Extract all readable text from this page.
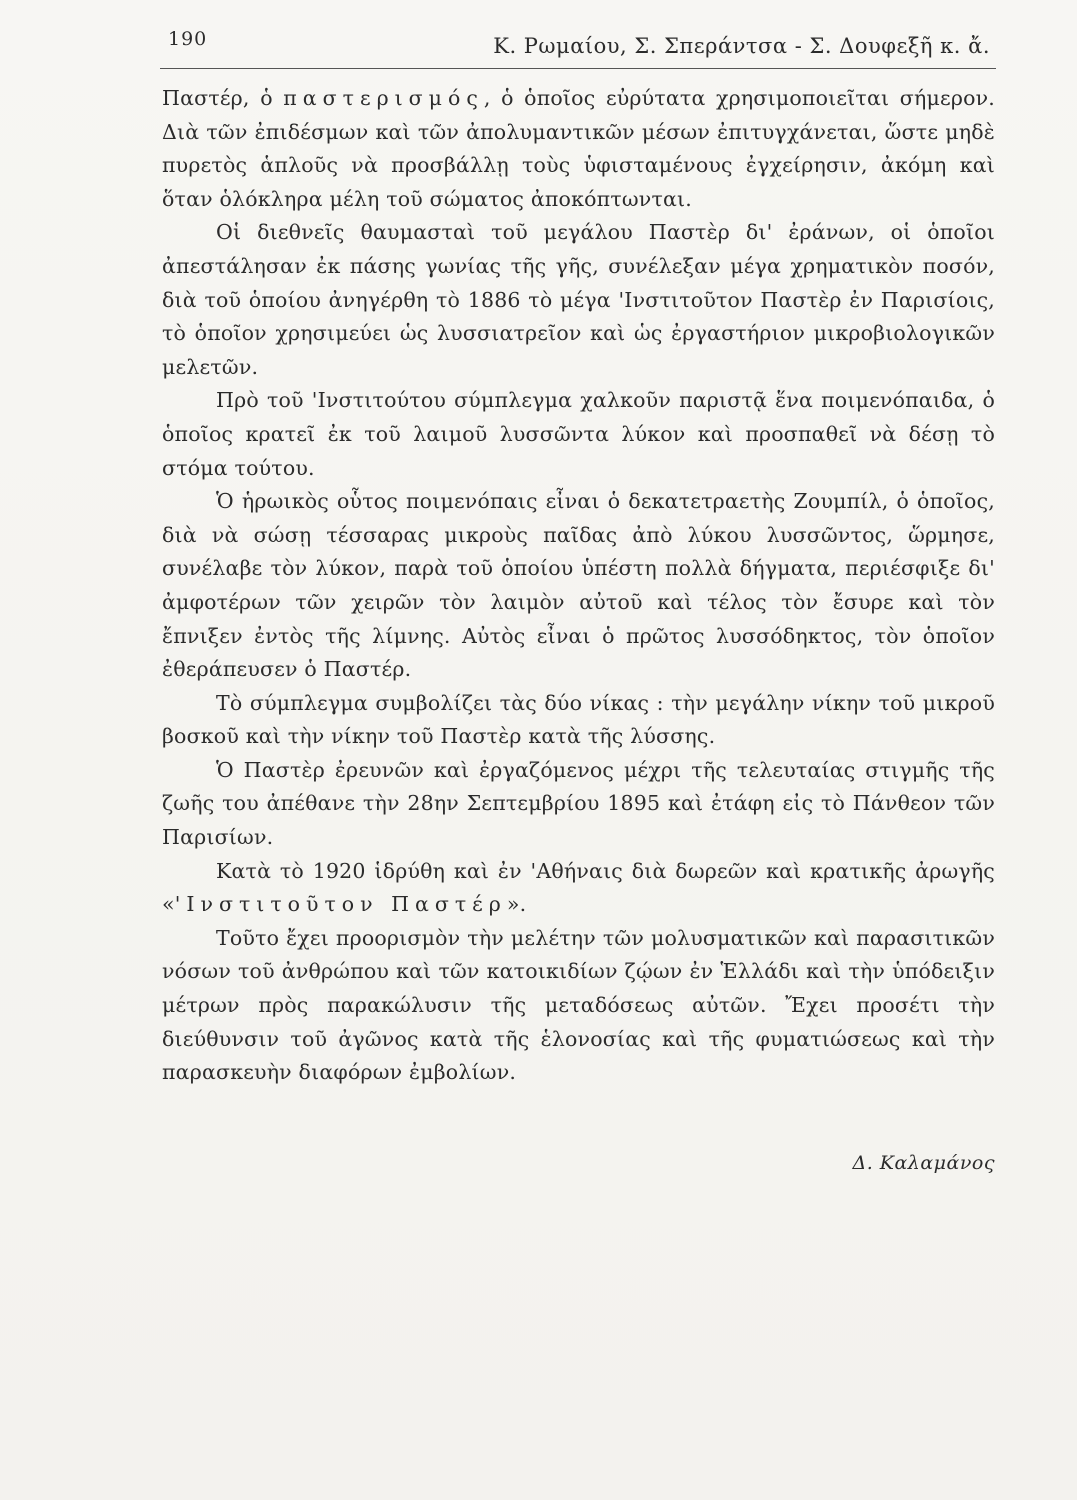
190	Κ. Ρωμαίου, Σ. Σπεράντσα - Σ. Δουφεξῆ κ. ἄ.

Παστέρ, ὁ παστερισμός, ὁ ὁποῖος εὐρύτατα χρησιμοποιεῖται σήμερον. Διὰ τῶν ἐπιδέσμων καὶ τῶν ἀπολυμαντικῶν μέσων ἐπιτυγχάνεται, ὥστε μηδὲ πυρετὸς ἁπλοῦς νὰ προσβάλλῃ τοὺς ὑφισταμένους ἐγχείρησιν, ἀκόμη καὶ ὅταν ὁλόκληρα μέλη τοῦ σώματος ἀποκόπτωνται.

Οἱ διεθνεῖς θαυμασταὶ τοῦ μεγάλου Παστὲρ δι' ἐράνων, οἱ ὁποῖοι ἀπεστάλησαν ἐκ πάσης γωνίας τῆς γῆς, συνέλεξαν μέγα χρηματικὸν ποσόν, διὰ τοῦ ὁποίου ἀνηγέρθη τὸ 1886 τὸ μέγα 'Ινστιτοῦτον Παστὲρ ἐν Παρισίοις, τὸ ὁποῖον χρησιμεύει ὡς λυσσιατρεῖον καὶ ὡς ἐργαστήριον μικροβιολογικῶν μελετῶν.

Πρὸ τοῦ 'Ινστιτούτου σύμπλεγμα χαλκοῦν παριστᾷ ἕνα ποιμενόπαιδα, ὁ ὁποῖος κρατεῖ ἐκ τοῦ λαιμοῦ λυσσῶντα λύκον καὶ προσπαθεῖ νὰ δέσῃ τὸ στόμα τούτου.

Ὁ ἡρωικὸς οὗτος ποιμενόπαις εἶναι ὁ δεκατετραετὴς Ζουμπίλ, ὁ ὁποῖος, διὰ νὰ σώσῃ τέσσαρας μικροὺς παῖδας ἀπὸ λύκου λυσσῶντος, ὥρμησε, συνέλαβε τὸν λύκον, παρὰ τοῦ ὁποίου ὑπέστη πολλὰ δήγματα, περιέσφιξε δι' ἀμφοτέρων τῶν χειρῶν τὸν λαιμὸν αὐτοῦ καὶ τέλος τὸν ἔσυρε καὶ τὸν ἔπνιξεν ἐντὸς τῆς λίμνης. Αὐτὸς εἶναι ὁ πρῶτος λυσσόδηκτος, τὸν ὁποῖον ἐθεράπευσεν ὁ Παστέρ.

Τὸ σύμπλεγμα συμβολίζει τὰς δύο νίκας : τὴν μεγάλην νίκην τοῦ μικροῦ βοσκοῦ καὶ τὴν νίκην τοῦ Παστὲρ κατὰ τῆς λύσσης.

Ὁ Παστὲρ ἐρευνῶν καὶ ἐργαζόμενος μέχρι τῆς τελευταίας στιγμῆς τῆς ζωῆς του ἀπέθανε τὴν 28ην Σεπτεμβρίου 1895 καὶ ἐτάφη εἰς τὸ Πάνθεον τῶν Παρισίων.

Κατὰ τὸ 1920 ἱδρύθη καὶ ἐν 'Αθήναις διὰ δωρεῶν καὶ κρατικῆς ἀρωγῆς «'Ινστιτοῦτον Παστέρ».

Τοῦτο ἔχει προορισμὸν τὴν μελέτην τῶν μολυσματικῶν καὶ παρασιτικῶν νόσων τοῦ ἀνθρώπου καὶ τῶν κατοικιδίων ζῴων ἐν Ἑλλάδι καὶ τὴν ὑπόδειξιν μέτρων πρὸς παρακώλυσιν τῆς μεταδόσεως αὐτῶν. Ἔχει προσέτι τὴν διεύθυνσιν τοῦ ἀγῶνος κατὰ τῆς ἑλονοσίας καὶ τῆς φυματιώσεως καὶ τὴν παρασκευὴν διαφόρων ἐμβολίων.

Δ. Καλαμάνος
